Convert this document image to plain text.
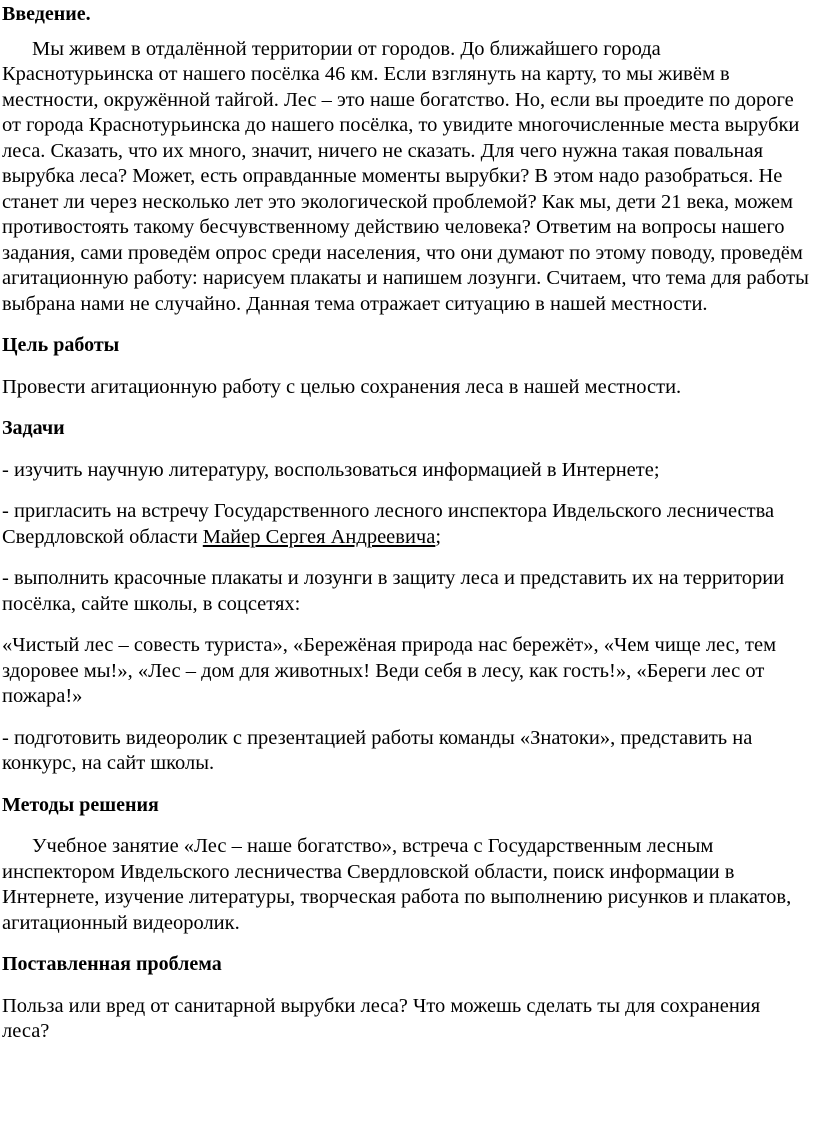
Введение.

Мы живем в отдалённой территории от городов. До ближайшего города Краснотурьинска от нашего посёлка 46 км. Если взглянуть на карту, то мы живём в местности, окружённой тайгой. Лес – это наше богатство. Но, если вы проедите по дороге от города Краснотурьинска до нашего посёлка, то увидите многочисленные места вырубки леса. Сказать, что их много, значит, ничего не сказать. Для чего нужна такая повальная вырубка леса? Может, есть оправданные моменты вырубки? В этом надо разобраться. Не станет ли через несколько лет это экологической проблемой? Как мы, дети 21 века, можем противостоять такому бесчувственному действию человека? Ответим на вопросы нашего задания, сами проведём опрос среди населения, что они думают по этому поводу, проведём агитационную работу: нарисуем плакаты и напишем лозунги. Считаем, что тема для работы выбрана нами не случайно. Данная тема отражает ситуацию в нашей местности.

Цель работы

Провести агитационную работу с целью сохранения леса в нашей местности.

Задачи

- изучить научную литературу, воспользоваться информацией в Интернете;

- пригласить на встречу Государственного лесного инспектора Ивдельского лесничества Свердловской области Майер Сергея Андреевича;

- выполнить красочные плакаты и лозунги в защиту леса и представить их на территории посёлка, сайте школы, в соцсетях:

«Чистый лес – совесть туриста», «Бережёная природа нас бережёт», «Чем чище лес, тем здоровее мы!», «Лес – дом для животных! Веди себя в лесу, как гость!», «Береги лес от пожара!»

- подготовить видеоролик с презентацией работы команды «Знатоки», представить на конкурс, на сайт школы.

Методы решения

Учебное занятие «Лес – наше богатство», встреча с Государственным лесным инспектором Ивдельского лесничества Свердловской области, поиск информации в Интернете, изучение литературы, творческая работа по выполнению рисунков и плакатов, агитационный видеоролик.

Поставленная проблема

Польза или вред от санитарной вырубки леса? Что можешь сделать ты для сохранения леса?
